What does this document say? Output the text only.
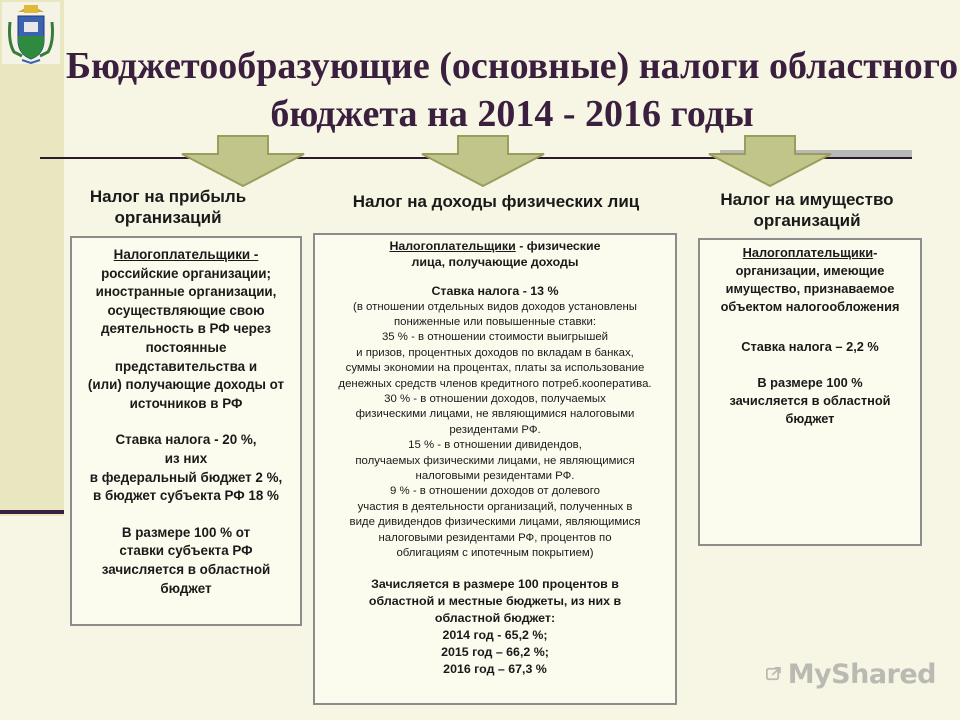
Бюджетообразующие (основные) налоги областного бюджета на 2014 - 2016 годы
Налог на прибыль
организаций
Налог на доходы физических лиц	Налог на имущество
организаций

Налогоплательщики -

российские организации;
иностранные организации,
осуществляющие свою
деятельность в РФ через
постоянные
представительства и
(или) получающие доходы от
источников в РФ

Ставка налога - 20 %,
из них
в федеральный бюджет 2 %,
в бюджет субъекта РФ 18 %

В размере 100 % от
ставки субъекта РФ
зачисляется в областной
бюджет

Налогоплательщики - физические
лица, получающие доходы

Ставка налога - 13 %

(в отношении отдельных видов доходов установлены
пониженные или повышенные ставки:
35 % - в отношении стоимости выигрышей
и призов, процентных доходов по вкладам в банках,
суммы экономии на процентах, платы за использование
денежных средств членов кредитного потреб.кооператива.
30 % - в отношении доходов, получаемых
физическими лицами, не являющимися налоговыми
резидентами РФ.
15 % - в отношении дивидендов,
получаемых физическими лицами, не являющимися
налоговыми резидентами РФ.
9 % - в отношении доходов от долевого
участия в деятельности организаций, полученных в
виде дивидендов физическими лицами, являющимися
налоговыми резидентами РФ, процентов по
облигациям с ипотечным покрытием)

Зачисляется в размере 100 процентов в
областной и местные бюджеты, из них в
областной бюджет:

2014 год - 65,2 %;

2015 год – 66,2 %;

2016 год – 67,3 %

Налогоплательщики-
организации, имеющие
имущество, признаваемое
объектом налогообложения

Ставка налога – 2,2 %

В размере 100 %
зачисляется в областной
бюджет

MyShared
